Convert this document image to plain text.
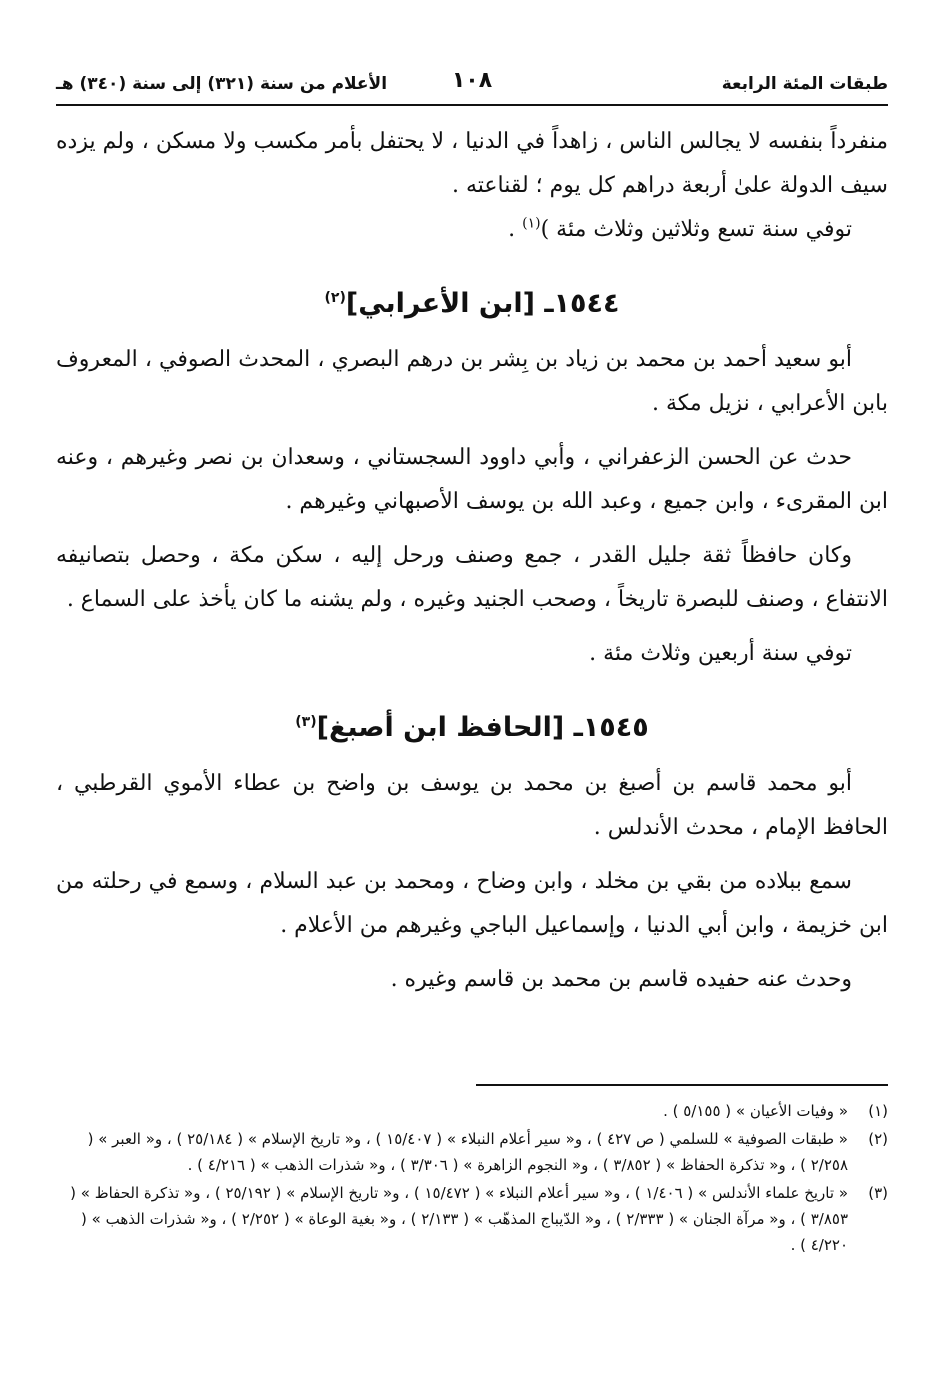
طبقات المئة الرابعة
١٠٨
الأعلام من سنة (٣٢١) إلى سنة (٣٤٠) هـ

منفرداً بنفسه لا يجالس الناس ، زاهداً في الدنيا ، لا يحتفل بأمر مكسب ولا مسكن ، ولم يزده سيف الدولة علىٰ أربعة دراهم كل يوم ؛ لقناعته .

توفي سنة تسع وثلاثين وثلاث مئة )$^{(١)}$ .

١٥٤٤ـ [ابن الأعرابي]$^{(٢)}$

أبو سعيد أحمد بن محمد بن زياد بن بِشر بن درهم البصري ، المحدث الصوفي ، المعروف بابن الأعرابي ، نزيل مكة .

حدث عن الحسن الزعفراني ، وأبي داوود السجستاني ، وسعدان بن نصر وغيرهم ، وعنه ابن المقرىء ، وابن جميع ، وعبد الله بن يوسف الأصبهاني وغيرهم .

وكان حافظاً ثقة جليل القدر ، جمع وصنف ورحل إليه ، سكن مكة ، وحصل بتصانيفه الانتفاع ، وصنف للبصرة تاريخاً ، وصحب الجنيد وغيره ، ولم يشنه ما كان يأخذ على السماع .

توفي سنة أربعين وثلاث مئة .

١٥٤٥ـ [الحافظ ابن أصبغ]$^{(٣)}$

أبو محمد قاسم بن أصبغ بن محمد بن يوسف بن واضح بن عطاء الأموي القرطبي ، الحافظ الإمام ، محدث الأندلس .

سمع ببلاده من بقي بن مخلد ، وابن وضاح ، ومحمد بن عبد السلام ، وسمع في رحلته من ابن خزيمة ، وابن أبي الدنيا ، وإسماعيل الباجي وغيرهم من الأعلام .

وحدث عنه حفيده قاسم بن محمد بن قاسم وغيره .

(١)
« وفيات الأعيان » ( ٥/١٥٥ ) .
(٢)
« طبقات الصوفية » للسلمي ( ص ٤٢٧ ) ، و« سير أعلام النبلاء » ( ١٥/٤٠٧ ) ، و« تاريخ الإسلام » ( ٢٥/١٨٤ ) ، و« العبر » ( ٢/٢٥٨ ) ، و« تذكرة الحفاظ » ( ٣/٨٥٢ ) ، و« النجوم الزاهرة » ( ٣/٣٠٦ ) ، و« شذرات الذهب » ( ٤/٢١٦ ) .
(٣)
« تاريخ علماء الأندلس » ( ١/٤٠٦ ) ، و« سير أعلام النبلاء » ( ١٥/٤٧٢ ) ، و« تاريخ الإسلام » ( ٢٥/١٩٢ ) ، و« تذكرة الحفاظ » ( ٣/٨٥٣ ) ، و« مرآة الجنان » ( ٢/٣٣٣ ) ، و« الدّيباج المذهّب » ( ٢/١٣٣ ) ، و« بغية الوعاة » ( ٢/٢٥٢ ) ، و« شذرات الذهب » ( ٤/٢٢٠ ) .
